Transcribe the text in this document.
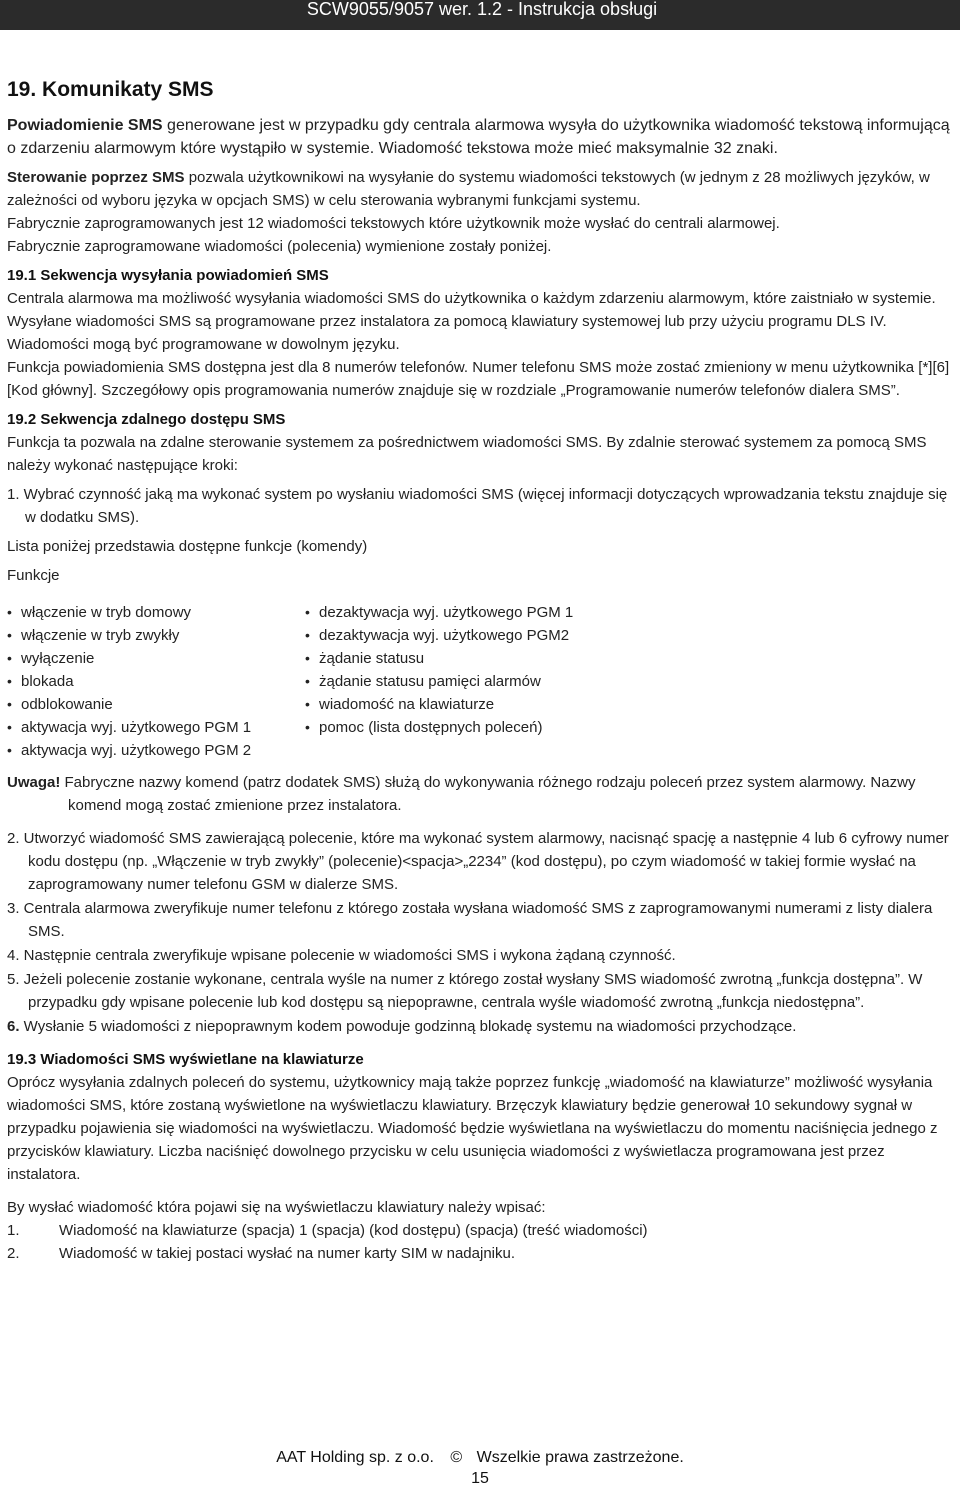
SCW9055/9057 wer. 1.2 - Instrukcja obsługi
19. Komunikaty SMS

Powiadomienie SMS generowane jest w przypadku gdy centrala alarmowa wysyła do użytkownika wiadomość tekstową informującą o zdarzeniu alarmowym które wystąpiło w systemie. Wiadomość tekstowa może mieć maksymalnie 32 znaki.

Sterowanie poprzez SMS pozwala użytkownikowi na wysyłanie do systemu wiadomości tekstowych (w jednym z 28 możliwych języków, w zależności od wyboru języka w opcjach SMS) w celu sterowania wybranymi funkcjami systemu.

Fabrycznie zaprogramowanych jest 12 wiadomości tekstowych które użytkownik może wysłać do centrali alarmowej.

Fabrycznie zaprogramowane wiadomości (polecenia) wymienione zostały poniżej.

19.1 Sekwencja wysyłania powiadomień SMS

Centrala alarmowa ma możliwość wysyłania wiadomości SMS do użytkownika o każdym zdarzeniu alarmowym, które zaistniało w systemie. Wysyłane wiadomości SMS są programowane przez instalatora za pomocą klawiatury systemowej lub przy użyciu programu DLS IV. Wiadomości mogą być programowane w dowolnym języku.

Funkcja powiadomienia SMS dostępna jest dla 8 numerów telefonów. Numer telefonu SMS może zostać zmieniony w menu użytkownika [*][6][Kod główny]. Szczegółowy opis programowania numerów znajduje się w rozdziale „Programowanie numerów telefonów dialera SMS”.

19.2 Sekwencja zdalnego dostępu SMS

Funkcja ta pozwala na zdalne sterowanie systemem za pośrednictwem wiadomości SMS. By zdalnie sterować systemem za pomocą SMS należy wykonać następujące kroki:

1. Wybrać czynność jaką ma wykonać system po wysłaniu wiadomości SMS (więcej informacji dotyczących wprowadzania tekstu znajduje się w dodatku SMS).

Lista poniżej przedstawia dostępne funkcje (komendy)

Funkcje

• włączenie w tryb domowy
• włączenie w tryb zwykły
• wyłączenie
• blokada
• odblokowanie
• aktywacja wyj. użytkowego PGM 1
• aktywacja wyj. użytkowego PGM 2
• dezaktywacja wyj. użytkowego PGM 1
• dezaktywacja wyj. użytkowego PGM2
• żądanie statusu
• żądanie statusu pamięci alarmów
• wiadomość na klawiaturze
• pomoc (lista dostępnych poleceń)

Uwaga! Fabryczne nazwy komend (patrz dodatek SMS) służą do wykonywania różnego rodzaju poleceń przez system alarmowy. Nazwy komend mogą zostać zmienione przez instalatora.

2. Utworzyć wiadomość SMS zawierającą polecenie, które ma wykonać system alarmowy, nacisnąć spację a następnie 4 lub 6 cyfrowy numer kodu dostępu (np. „Włączenie w tryb zwykły” (polecenie)<spacja>„2234” (kod dostępu), po czym wiadomość w takiej formie wysłać na zaprogramowany numer telefonu GSM w dialerze SMS.

3. Centrala alarmowa zweryfikuje numer telefonu z którego została wysłana wiadomość SMS z zaprogramowanymi numerami z listy dialera SMS.

4. Następnie centrala zweryfikuje wpisane polecenie w wiadomości SMS i wykona żądaną czynność.

5. Jeżeli polecenie zostanie wykonane, centrala wyśle na numer z którego został wysłany SMS wiadomość zwrotną „funkcja dostępna”. W przypadku gdy wpisane polecenie lub kod dostępu są niepoprawne, centrala wyśle wiadomość zwrotną „funkcja niedostępna”.

6. Wysłanie 5 wiadomości z niepoprawnym kodem powoduje godzinną blokadę systemu na wiadomości przychodzące.

19.3 Wiadomości SMS wyświetlane na klawiaturze

Oprócz wysyłania zdalnych poleceń do systemu, użytkownicy mają także poprzez funkcję „wiadomość na klawiaturze” możliwość wysyłania wiadomości SMS, które zostaną wyświetlone na wyświetlaczu klawiatury. Brzęczyk klawiatury będzie generował 10 sekundowy sygnał w przypadku pojawienia się wiadomości na wyświetlaczu. Wiadomość będzie wyświetlana na wyświetlaczu do momentu naciśnięcia jednego z przycisków klawiatury. Liczba naciśnięć dowolnego przycisku w celu usunięcia wiadomości z wyświetlacza programowana jest przez instalatora.

By wysłać wiadomość która pojawi się na wyświetlaczu klawiatury należy wpisać:

1.	Wiadomość na klawiaturze (spacja) 1 (spacja) (kod dostępu) (spacja) (treść wiadomości)

2.	Wiadomość w takiej postaci wysłać na numer karty SIM w nadajniku.

AAT Holding sp. z o.o. © Wszelkie prawa zastrzeżone.
15
